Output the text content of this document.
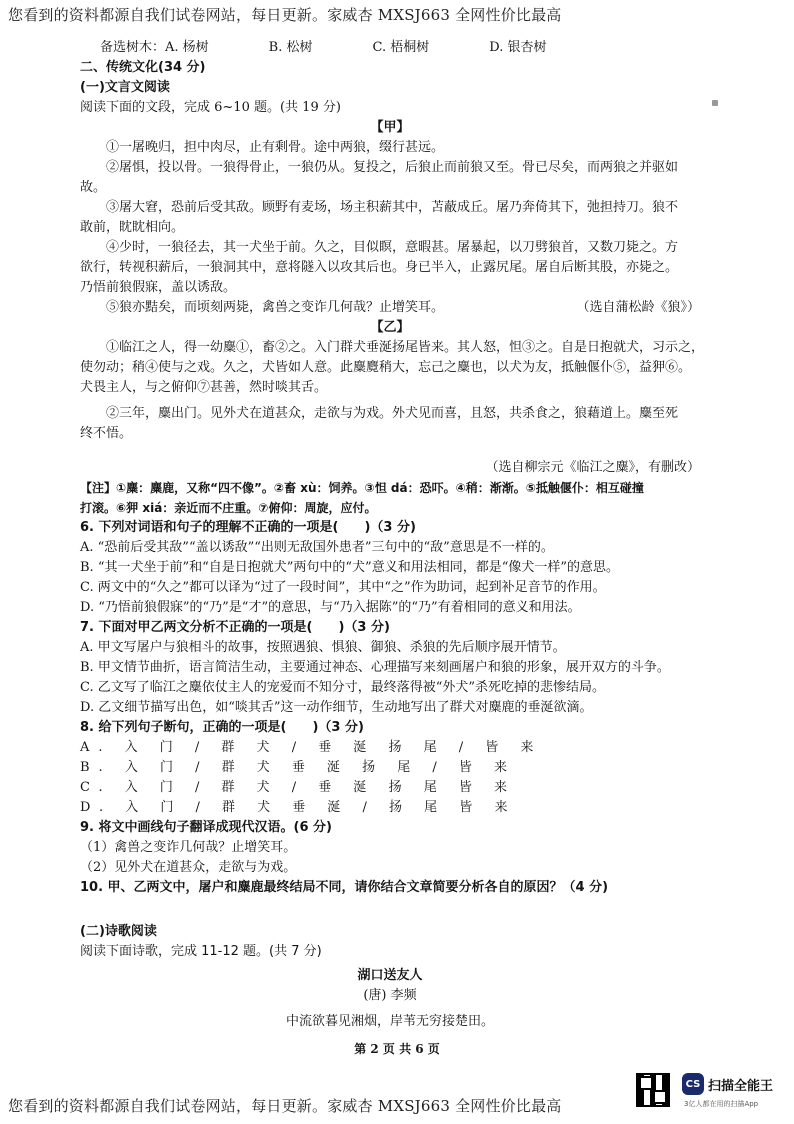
您看到的资料都源自我们试卷网站，每日更新。家威杏 MXSJ663 全网性价比最高
备选树木：A. 杨树	B. 松树	C. 梧桐树	D. 银杏树
二、传统文化(34 分)
(一)文言文阅读
阅读下面的文段，完成 6~10 题。(共 19 分)
【甲】
①一屠晚归，担中肉尽，止有剩骨。途中两狼，缀行甚远。
②屠惧，投以骨。一狼得骨止，一狼仍从。复投之，后狼止而前狼又至。骨已尽矣，而两狼之并驱如
故。
③屠大窘，恐前后受其敌。顾野有麦场，场主积薪其中，苫蔽成丘。屠乃奔倚其下，弛担持刀。狼不
敢前，眈眈相向。
④少时，一狼径去，其一犬坐于前。久之，目似瞑，意暇甚。屠暴起，以刀劈狼首，又数刀毙之。方
欲行，转视积薪后，一狼洞其中，意将隧入以攻其后也。身已半入，止露尻尾。屠自后断其股，亦毙之。
乃悟前狼假寐，盖以诱敌。
⑤狼亦黠矣，而顷刻两毙，禽兽之变诈几何哉？止增笑耳。	（选自蒲松龄《狼》）
【乙】
①临江之人，得一幼麋①，畜②之。入门群犬垂涎扬尾皆来。其人怒，怛③之。自是日抱就犬，习示之，
使勿动；稍④使与之戏。久之，犬皆如人意。此麋麑稍大，忘己之麋也，以犬为友，抵触偃仆⑤，益狎⑥。
犬畏主人，与之俯仰⑦甚善，然时啖其舌。
②三年，麋出门。见外犬在道甚众，走欲与为戏。外犬见而喜，且怒，共杀食之，狼藉道上。麋至死
终不悟。
（选自柳宗元《临江之麋》，有删改）
【注】①麋：麋鹿，又称“四不像”。②畜 xù：饲养。③怛 dá：恐吓。④稍：渐渐。⑤抵触偃仆：相互碰撞
打滚。⑥狎 xiá：亲近而不庄重。⑦俯仰：周旋，应付。
6. 下列对词语和句子的理解不正确的一项是(　　)（3 分)
A. “恐前后受其敌”“盖以诱敌”“出则无敌国外患者”三句中的“敌”意思是不一样的。
B. “其一犬坐于前”和“自是日抱就犬”两句中的“犬”意义和用法相同，都是“像犬一样”的意思。
C. 两文中的“久之”都可以译为“过了一段时间”，其中“之”作为助词，起到补足音节的作用。
D. “乃悟前狼假寐”的“乃”是“才”的意思，与“乃入据陈”的“乃”有着相同的意义和用法。
7. 下面对甲乙两文分析不正确的一项是(　　)（3 分)
A. 甲文写屠户与狼相斗的故事，按照遇狼、惧狼、御狼、杀狼的先后顺序展开情节。
B. 甲文情节曲折，语言简洁生动，主要通过神态、心理描写来刻画屠户和狼的形象，展开双方的斗争。
C. 乙文写了临江之麋依仗主人的宠爱而不知分寸，最终落得被“外犬”杀死吃掉的悲惨结局。
D. 乙文细节描写出色，如“啖其舌”这一动作细节，生动地写出了群犬对麋鹿的垂涎欲滴。
8. 给下列句子断句，正确的一项是(　　)（3 分)
A. 入 门 / 群 犬 / 垂 涎 扬 尾 / 皆 来
B. 入 门 / 群 犬 垂 涎 扬 尾 / 皆 来
C. 入 门 / 群 犬 / 垂 涎 扬 尾 皆 来
D. 入 门 / 群 犬 垂 涎 / 扬 尾 皆 来
9. 将文中画线句子翻译成现代汉语。(6 分)
（1）禽兽之变诈几何哉？止增笑耳。
（2）见外犬在道甚众，走欲与为戏。
10. 甲、乙两文中，屠户和麋鹿最终结局不同，请你结合文章简要分析各自的原因？（4 分)
(二)诗歌阅读
阅读下面诗歌，完成 11-12 题。(共 7 分)
湖口送友人
(唐) 李频
中流欲暮见湘烟，岸苇无穷接楚田。
第 2 页 共 6 页
CS 扫描全能王
3亿人都在用的扫描App
您看到的资料都源自我们试卷网站，每日更新。家威杏 MXSJ663 全网性价比最高
